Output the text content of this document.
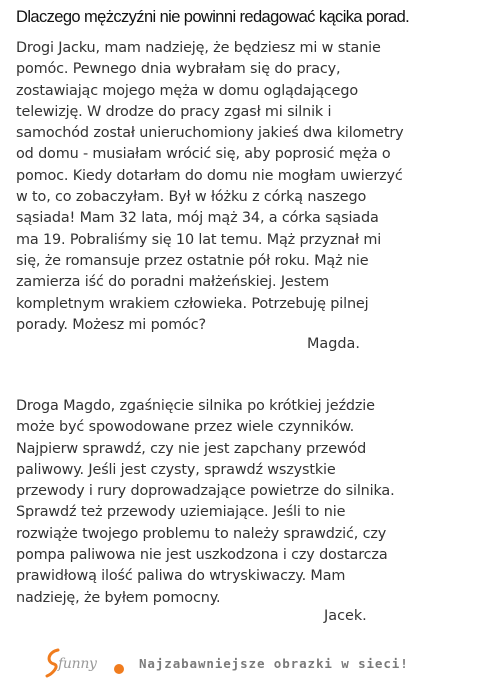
Dlaczego mężczyźni nie powinni redagować kącika porad.
Drogi Jacku, mam nadzieję, że będziesz mi w stanie
pomóc. Pewnego dnia wybrałam się do pracy,
zostawiając mojego męża w domu oglądającego
telewizję. W drodze do pracy zgasł mi silnik i
samochód został unieruchomiony jakieś dwa kilometry
od domu - musiałam wrócić się, aby poprosić męża o
pomoc. Kiedy dotarłam do domu nie mogłam uwierzyć
w to, co zobaczyłam. Był w łóżku z córką naszego
sąsiada! Mam 32 lata, mój mąż 34, a córka sąsiada
ma 19. Pobraliśmy się 10 lat temu. Mąż przyznał mi
się, że romansuje przez ostatnie pół roku. Mąż nie
zamierza iść do poradni małżeńskiej. Jestem
kompletnym wrakiem człowieka. Potrzebuję pilnej
porady. Możesz mi pomóc?
Magda.
Droga Magdo, zgaśnięcie silnika po krótkiej jeździe
może być spowodowane przez wiele czynników.
Najpierw sprawdź, czy nie jest zapchany przewód
paliwowy. Jeśli jest czysty, sprawdź wszystkie
przewody i rury doprowadzające powietrze do silnika.
Sprawdź też przewody uziemiające. Jeśli to nie
rozwiąże twojego problemu to należy sprawdzić, czy
pompa paliwowa nie jest uszkodzona i czy dostarcza
prawidłową ilość paliwa do wtryskiwaczy. Mam
nadzieję, że byłem pomocny.
Jacek.
funny	Najzabawniejsze obrazki w sieci!
